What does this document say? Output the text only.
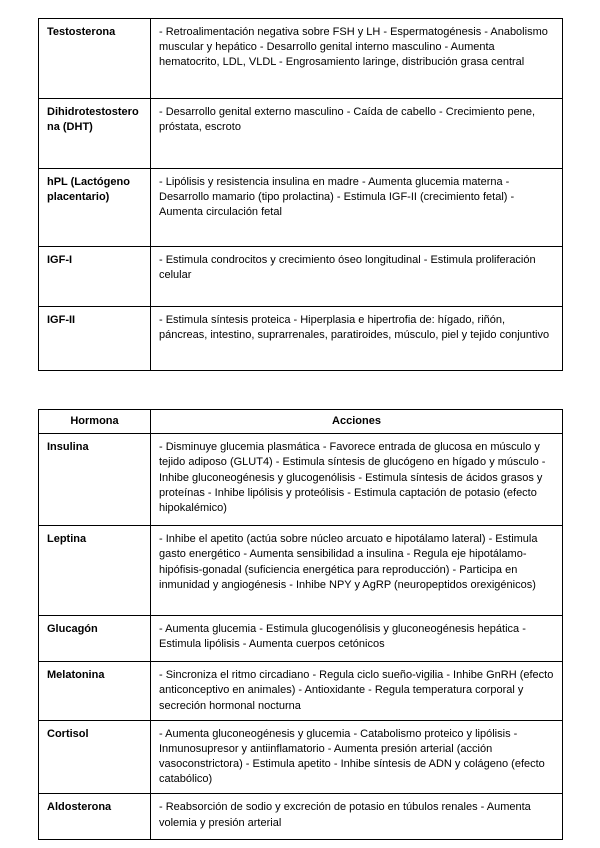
Testosterona	- Retroalimentación negativa sobre FSH y LH - Espermatogénesis - Anabolismo muscular y hepático - Desarrollo genital interno masculino - Aumenta hematocrito, LDL, VLDL - Engrosamiento laringe, distribución grasa central
Dihidrotestosterona (DHT)	- Desarrollo genital externo masculino - Caída de cabello - Crecimiento pene, próstata, escroto
hPL (Lactógeno placentario)	- Lipólisis y resistencia insulina en madre - Aumenta glucemia materna - Desarrollo mamario (tipo prolactina) - Estimula IGF-II (crecimiento fetal) - Aumenta circulación fetal
IGF-I	- Estimula condrocitos y crecimiento óseo longitudinal - Estimula proliferación celular
IGF-II	- Estimula síntesis proteica - Hiperplasia e hipertrofia de: hígado, riñón, páncreas, intestino, suprarrenales, paratiroides, músculo, piel y tejido conjuntivo
Hormona	Acciones
Insulina	- Disminuye glucemia plasmática - Favorece entrada de glucosa en músculo y tejido adiposo (GLUT4) - Estimula síntesis de glucógeno en hígado y músculo - Inhibe gluconeogénesis y glucogenólisis - Estimula síntesis de ácidos grasos y proteínas - Inhibe lipólisis y proteólisis - Estimula captación de potasio (efecto hipokalémico)
Leptina	- Inhibe el apetito (actúa sobre núcleo arcuato e hipotálamo lateral) - Estimula gasto energético - Aumenta sensibilidad a insulina - Regula eje hipotálamo-hipófisis-gonadal (suficiencia energética para reproducción) - Participa en inmunidad y angiogénesis - Inhibe NPY y AgRP (neuropeptidos orexigénicos)
Glucagón	- Aumenta glucemia - Estimula glucogenólisis y gluconeogénesis hepática - Estimula lipólisis - Aumenta cuerpos cetónicos
Melatonina	- Sincroniza el ritmo circadiano - Regula ciclo sueño-vigilia - Inhibe GnRH (efecto anticonceptivo en animales) - Antioxidante - Regula temperatura corporal y secreción hormonal nocturna
Cortisol	- Aumenta gluconeogénesis y glucemia - Catabolismo proteico y lipólisis - Inmunosupresor y antiinflamatorio - Aumenta presión arterial (acción vasoconstrictora) - Estimula apetito - Inhibe síntesis de ADN y colágeno (efecto catabólico)
Aldosterona	- Reabsorción de sodio y excreción de potasio en túbulos renales - Aumenta volemia y presión arterial
